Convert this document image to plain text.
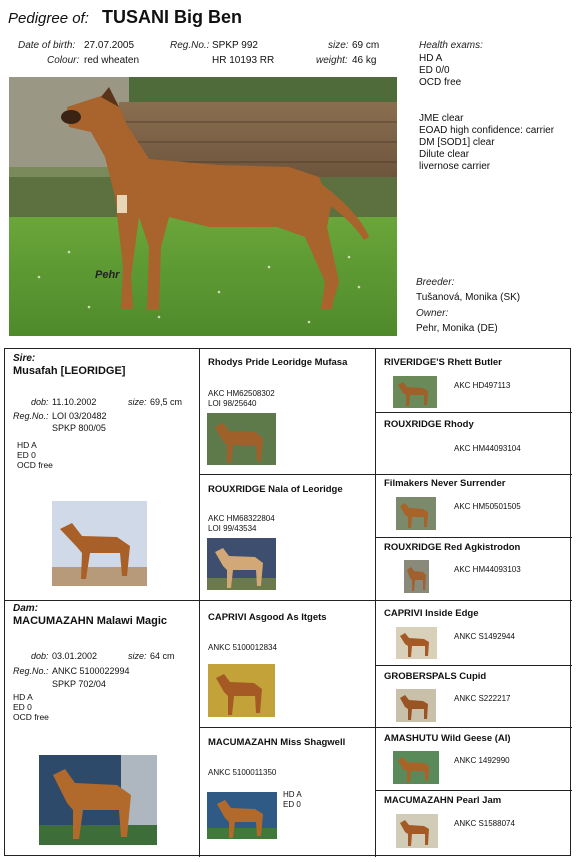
Pedigree of: TUSANI Big Ben
Date of birth: 27.07.2005
Colour: red wheaten
Reg.No.: SPKP 992
HR 10193 RR
size: 69 cm
weight: 46 kg
Health exams:
HD A
ED 0/0
OCD free
JME clear
EOAD high confidence: carrier
DM [SOD1] clear
Dilute clear
livernose carrier
Breeder:
Tušanová, Monika (SK)
Owner:
Pehr, Monika (DE)
Pehr
Sire:
Musafah [LEORIDGE]
dob: 11.10.2002	size: 69,5 cm
Reg.No.: LOI 03/20482
SPKP 800/05
HD A
ED 0
OCD free
Dam:
MACUMAZAHN Malawi Magic
dob: 03.01.2002	size: 64 cm
Reg.No.: ANKC 5100022994
SPKP 702/04
HD A
ED 0
OCD free
Rhodys Pride Leoridge Mufasa
AKC HM62508302
LOI 98/25640
ROUXRIDGE Nala of Leoridge
AKC HM68322804
LOI 99/43534
CAPRIVI Asgood As Itgets
ANKC 5100012834
MACUMAZAHN Miss Shagwell
ANKC 5100011350
HD A
ED 0
RIVERIDGE'S Rhett Butler
AKC HD497113
ROUXRIDGE Rhody
AKC HM44093104
Filmakers Never Surrender
AKC HM50501505
ROUXRIDGE Red Agkistrodon
AKC HM44093103
CAPRIVI Inside Edge
ANKC S1492944
GROBERSPALS Cupid
ANKC S222217
AMASHUTU Wild Geese (AI)
ANKC 1492990
MACUMAZAHN Pearl Jam
ANKC S1588074
